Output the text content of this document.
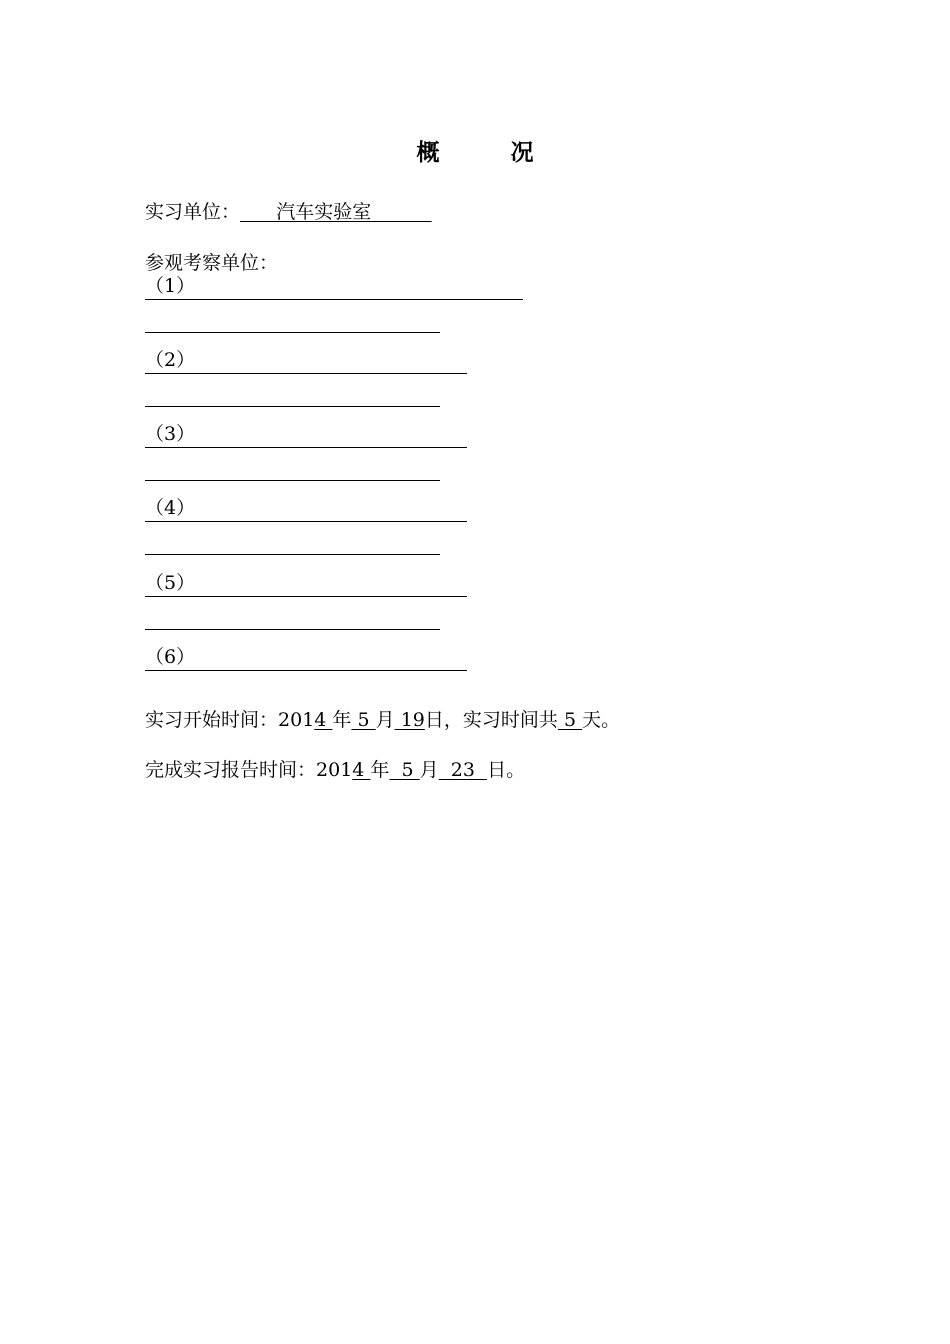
概　况
实习单位： 汽车实验室
参观考察单位：
（1）
（2）
（3）
（4）
（5）
（6）
实习开始时间：2014 年 5 月 19日，实习时间共 5 天。
完成实习报告时间：2014 年 5 月 23 日。
